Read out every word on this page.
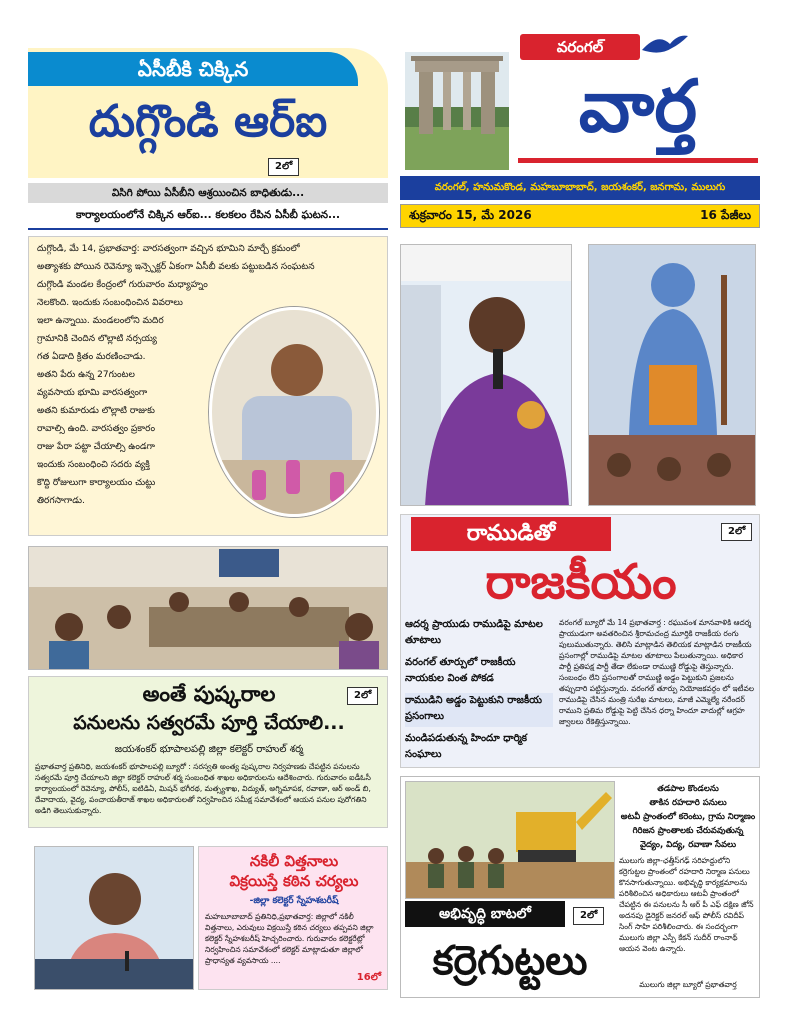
వరంగల్
వార్త
వరంగల్, హనుమకొండ, మహబూబాబాద్, జయశంకర్, జనగామ, ములుగు
శుక్రవారం 15, మే 2026	16 పేజీలు
ఏసీబీకి చిక్కిన
దుగ్గొండి ఆర్ఐ
2లో
విసిగి పోయి ఏసీబీని ఆశ్రయించిన బాధితుడు...
కార్యాలయంలోనే చిక్కిన ఆర్ఐ... కలకలం రేపిన ఏసీబీ ఘటన...
దుగ్గొండి, మే 14, ప్రభాతవార్త: వారసత్వంగా వచ్చిన భూమిని మార్చే క్రమంలో
అత్యాశకు పోయిన రెవెన్యూ ఇన్స్పెక్టర్ ఏకంగా ఏసీబీ వలకు పట్టుబడిన సంఘటన
దుగ్గొండి మండల కేంద్రంలో గురువారం మధ్యాహ్నం
నెలకొంది. ఇందుకు సంబంధించిన వివరాలు
ఇలా ఉన్నాయి. మండలంలోని మదిర
గ్రామానికి చెందిన లొల్లాటి నర్సయ్య
గత ఏడాది క్రితం మరణించాడు.
అతని పేరు ఉన్న 27గుంటల
వ్యవసాయ భూమి వారసత్వంగా
అతని కుమారుడు లొల్లాటి రాజుకు
రావాల్సి ఉంది. వారసత్వం ప్రకారం
రాజు పేరా పట్టా చేయాల్సి ఉండగా
ఇందుకు సంబంధించి సదరు వ్యక్తి
కొద్ది రోజులుగా కార్యాలయం చుట్టు
తిరగసాగాడు.
అంతే పుష్కరాల	2లో
పనులను సత్వరమే పూర్తి చేయాలి...
జయశంకర్ భూపాలపల్లి జిల్లా కలెక్టర్ రాహుల్ శర్మ
ప్రభాతవార్త ప్రతినిధి, జయశంకర్ భూపాలపల్లి బ్యూరో : సరస్వతి అంత్య పుష్కరాల నిర్వహణకు చేపట్టిన పనులను సత్వరమే పూర్తి చేయాలని జిల్లా కలెక్టర్ రాహుల్ శర్మ సంబంధిత శాఖల అధికారులను ఆదేశించారు. గురువారం ఐడీఓసీ కార్యాలయంలో రెవెన్యూ, పోలీస్, ఐటిడిఏ, మిషన్ భగీరథ, మత్స్యశాఖ, విద్యుత్, అగ్నిమాపక, రవాణా, ఆర్ అండ్ బి, దేవాదాయ, వైద్య, పంచాయతీరాజ్ శాఖల అధికారులతో నిర్వహించిన సమీక్ష సమావేశంలో ఆయన పనుల పురోగతిని అడిగి తెలుసుకున్నారు.
నకిలీ విత్తనాలు
విక్రయిస్తే కఠిన చర్యలు
-జిల్లా కలెక్టర్ స్నేహశబరీష్
మహబూబాబాద్ ప్రతినిధి,ప్రభాతవార్త: జిల్లాలో నకిలీ విత్తనాలు, ఎరువులు విక్రయిస్తే కఠిన చర్యలు తప్పవని జిల్లా కలెక్టర్ స్నేహశబరీష్ హెచ్చరించారు. గురువారం కలెక్టరేట్లో నిర్వహించిన సమావేశంలో కలెక్టర్ మాట్లాడుతూ జిల్లాలో ప్రాధాన్యత వ్యవసాయ ....
16లో
రాముడితో	2లో
రాజకీయం
ఆదర్శ ప్రాయుడు రాముడిపై మాటల తూటాలు
వరంగల్ తూర్పులో రాజకీయ నాయకుల వింత పోకడ
రాముడిని అడ్డం పెట్టుకుని రాజకీయ ప్రసంగాలు
మండిపడుతున్న హిందూ ధార్మిక సంఘాలు
వరంగల్ బ్యూరో మే 14 ప్రభాతవార్త : రఘువంశ మానవాళికి ఆదర్శ ప్రాయుడుగా అవతరించిన శ్రీరామచంద్ర మూర్తికి రాజకీయ రంగు పులుముతున్నారు. తెలిసి మాట్లాడిన తెలియక మాట్లాడిన రాజకీయ ప్రసంగాల్లో రాముడిపై మాటల తూటాలు పేలుతున్నాయి. అధికార పార్టీ ప్రతిపక్ష పార్టీ తేడా లేకుండా రాముణ్ణి రోడ్డుపై తెస్తున్నారు. సంబంధం లేని ప్రసంగాలతో రాముణ్ణి అడ్డం పెట్టుకుని ప్రజలను తప్పుదారి పట్టిస్తున్నారు. వరంగల్ తూర్పు నియోజకవర్గం లో ఇటీవల రాముడిపై చేసిన మంత్రి సురేఖ మాటలు, మాజీ ఎమ్మెల్యే నరేందర్ రాముని ప్రతిమ రోడ్డుపై పెట్టి చేసిన ధర్నా హిందూ వాదుల్లో ఆగ్రహ జ్వాలలు రేకెత్తిస్తున్నాయి.
తడపాల కొండలను
తాకిన రహదారి పనులు
అటవీ ప్రాంతంలో కరెంటు, గ్రామ నిర్మాణం
గిరిజన ప్రాంతాలకు చేరువవుతున్న
వైద్యం, విద్య, రవాణా సేవలు
ములుగు జిల్లా-ఛత్తీస్‌గఢ్ సరిహద్దులోని కర్రెగుట్టల ప్రాంతంలో రహదారి నిర్మాణ పనులు కొనసాగుతున్నాయి. అభివృద్ధి కార్యక్రమాలను పరిశీలించిన అధికారులు ఆటవీ ప్రాంతంలో చేపట్టిన ఈ పనులను సీ ఆర్ పీ ఎఫ్ దక్షిణ జోన్ అదనపు డైరెక్టర్ జనరల్ ఆఫ్ పోలీస్ రవిదీప్ సింగ్ సాహి పరిశీలించారు. ఈ సందర్భంగా ములుగు జిల్లా ఎస్పీ కేకన్ సుదీర్ రాంనాథ్ ఆయన వెంట ఉన్నారు.
ములుగు జిల్లా బ్యూరో ప్రభాతవార్త
అభివృద్ధి బాటలో	2లో
కర్రెగుట్టలు
